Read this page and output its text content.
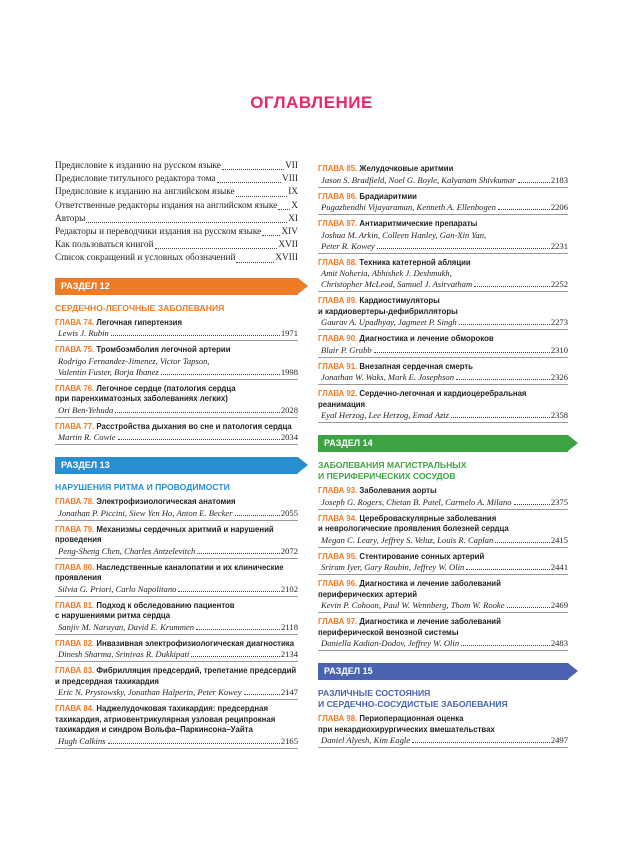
ОГЛАВЛЕНИЕ
Предисловие к изданию на русском языке	VII
Предисловие титульного редактора тома	VIII
Предисловие к изданию на английском языке	IX
Ответственные редакторы издания на английском языке X
Авторы	XI
Редакторы и переводчики издания на русском языке XIV
Как пользоваться книгой	XVII
Список сокращений и условных обозначений	XVIII
РАЗДЕЛ 12
СЕРДЕЧНО-ЛЕГОЧНЫЕ ЗАБОЛЕВАНИЯ
ГЛАВА 74. Легочная гипертензия
Lewis J. Rubin	1971
ГЛАВА 75. Тромбоэмболия легочной артерии
Rodrigo Fernandez-Jimenez, Victor Tapson,
Valentin Fuster, Borja Ibanez	1998
ГЛАВА 76. Легочное сердце (патология сердца
при паренхиматозных заболеваниях легких)
Ori Ben-Yehuda	2028
ГЛАВА 77. Расстройства дыхания во сне и патология сердца
Martin R. Cowie	2034
РАЗДЕЛ 13
НАРУШЕНИЯ РИТМА И ПРОВОДИМОСТИ
ГЛАВА 78. Электрофизиологическая анатомия
Jonathan P. Piccini, Siew Yen Ho, Anton E. Becker	2055
ГЛАВА 79. Механизмы сердечных аритмий и нарушений
проведения
Peng-Sheng Chen, Charles Antzelevitch	2072
ГЛАВА 80. Наследственные каналопатии и их клинические
проявления
Silvia G. Priori, Carlo Napolitano	2102
ГЛАВА 81. Подход к обследованию пациентов
с нарушениями ритма сердца
Sanjiv M. Narayan, David E. Krummen	2118
ГЛАВА 82. Инвазивная электрофизиологическая диагностика
Dinesh Sharma, Srinivas R. Dukkipati	2134
ГЛАВА 83. Фибрилляция предсердий, трепетание предсердий
и предсердная тахикардия
Eric N. Prystowsky, Jonathan Halperin, Peter Kowey	2147
ГЛАВА 84. Наджелудочковая тахикардия: предсердная
тахикардия, атриовентрикулярная узловая реципрокная
тахикардия и синдром Вольфа–Паркинсона–Уайта
Hugh Calkins	2165
ГЛАВА 85. Желудочковые аритмии
Jason S. Bradfield, Noel G. Boyle, Kalyanam Shivkumar	2183
ГЛАВА 86. Брадиаритмии
Pugazhendhi Vijayaraman, Kenneth A. Ellenbogen	2206
ГЛАВА 87. Антиаритмические препараты
Joshua M. Arkin, Colleen Hanley, Gan-Xin Yan,
Peter R. Kowey	2231
ГЛАВА 88. Техника катетерной абляции
Amit Noheria, Abhishek J. Deshmukh,
Christopher McLeod, Samuel J. Asirvatham	2252
ГЛАВА 89. Кардиостимуляторы
и кардиовертеры-дефибрилляторы
Gaurav A. Upadhyay, Jagmeet P. Singh	2273
ГЛАВА 90. Диагностика и лечение обмороков
Blair P. Grubb	2310
ГЛАВА 91. Внезапная сердечная смерть
Jonathan W. Waks, Mark E. Josephson	2326
ГЛАВА 92. Сердечно-легочная и кардиоцеребральная
реанимация
Eyal Herzog, Lee Herzog, Emad Aziz	2358
РАЗДЕЛ 14
ЗАБОЛЕВАНИЯ МАГИСТРАЛЬНЫХ
И ПЕРИФЕРИЧЕСКИХ СОСУДОВ
ГЛАВА 93. Заболевания аорты
Joseph G. Rogers, Chetan B. Patel, Carmelo A. Milano	2375
ГЛАВА 94. Цереброваскулярные заболевания
и неврологические проявления болезней сердца
Megan C. Leary, Jeffrey S. Veluz, Louis R. Caplan	2415
ГЛАВА 95. Стентирование сонных артерий
Sriram Iyer, Gary Roubin, Jeffrey W. Olin	2441
ГЛАВА 96. Диагностика и лечение заболеваний
периферических артерий
Kevin P. Cohoon, Paul W. Wennberg, Thom W. Rooke	2469
ГЛАВА 97. Диагностика и лечение заболеваний
периферической венозной системы
Daniella Kadian-Dodov, Jeffrey W. Olin	2483
РАЗДЕЛ 15
РАЗЛИЧНЫЕ СОСТОЯНИЯ
И СЕРДЕЧНО-СОСУДИСТЫЕ ЗАБОЛЕВАНИЯ
ГЛАВА 98. Периоперационная оценка
при некардиохирургических вмешательствах
Daniel Alyesh, Kim Eagle	2497
